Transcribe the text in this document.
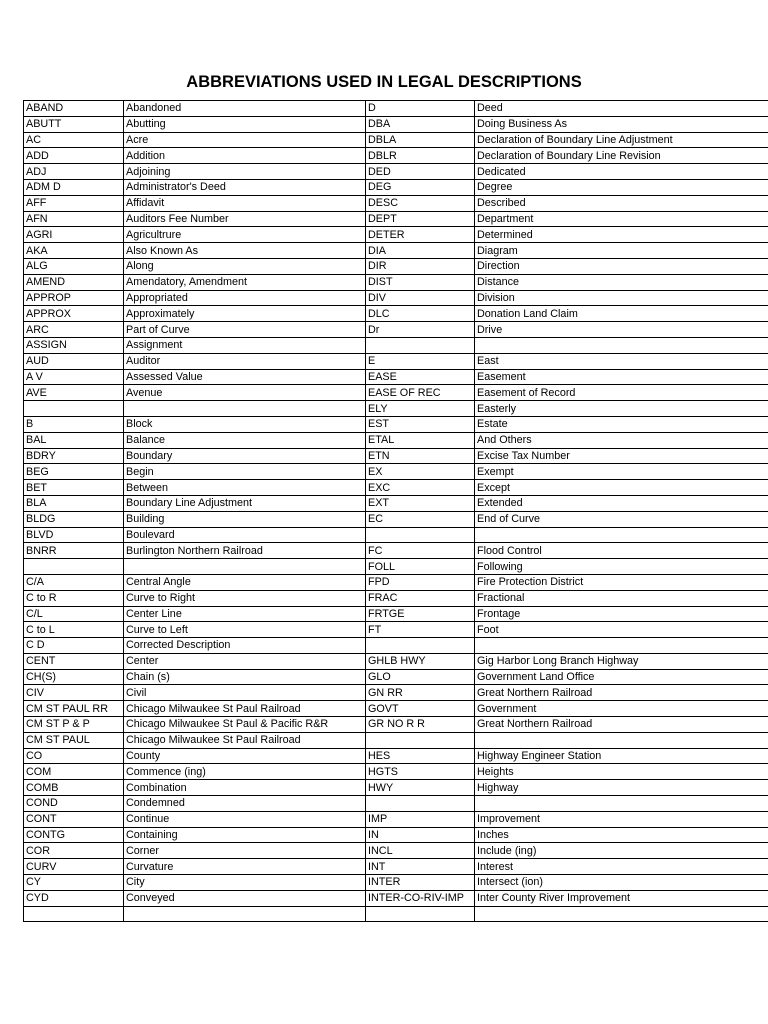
ABBREVIATIONS USED IN LEGAL DESCRIPTIONS
ABAND	Abandoned	D	Deed
ABUTT	Abutting	DBA	Doing Business As
AC	Acre	DBLA	Declaration of Boundary Line Adjustment
ADD	Addition	DBLR	Declaration of Boundary Line Revision
ADJ	Adjoining	DED	Dedicated
ADM D	Administrator's Deed	DEG	Degree
AFF	Affidavit	DESC	Described
AFN	Auditors Fee Number	DEPT	Department
AGRI	Agricultrure	DETER	Determined
AKA	Also Known As	DIA	Diagram
ALG	Along	DIR	Direction
AMEND	Amendatory, Amendment	DIST	Distance
APPROP	Appropriated	DIV	Division
APPROX	Approximately	DLC	Donation Land Claim
ARC	Part of Curve	Dr	Drive
ASSIGN	Assignment		
AUD	Auditor	E	East
A V	Assessed Value	EASE	Easement
AVE	Avenue	EASE OF REC	Easement of Record
		ELY	Easterly
B	Block	EST	Estate
BAL	Balance	ETAL	And Others
BDRY	Boundary	ETN	Excise Tax Number
BEG	Begin	EX	Exempt
BET	Between	EXC	Except
BLA	Boundary Line Adjustment	EXT	Extended
BLDG	Building	EC	End of Curve
BLVD	Boulevard		
BNRR	Burlington Northern Railroad	FC	Flood Control
		FOLL	Following
C/A	Central Angle	FPD	Fire Protection District
C to R	Curve to Right	FRAC	Fractional
C/L	Center Line	FRTGE	Frontage
C to L	Curve to Left	FT	Foot
C D	Corrected Description		
CENT	Center	GHLB HWY	Gig Harbor Long Branch Highway
CH(S)	Chain (s)	GLO	Government Land Office
CIV	Civil	GN RR	Great Northern Railroad
CM ST PAUL RR	Chicago Milwaukee St Paul Railroad	GOVT	Government
CM ST P & P	Chicago Milwaukee St Paul & Pacific R&R	GR NO R R	Great Northern Railroad
CM ST PAUL	Chicago Milwaukee St Paul Railroad		
CO	County	HES	Highway Engineer Station
COM	Commence (ing)	HGTS	Heights
COMB	Combination	HWY	Highway
COND	Condemned		
CONT	Continue	IMP	Improvement
CONTG	Containing	IN	Inches
COR	Corner	INCL	Include (ing)
CURV	Curvature	INT	Interest
CY	City	INTER	Intersect (ion)
CYD	Conveyed	INTER-CO-RIV-IMP	Inter County River Improvement
